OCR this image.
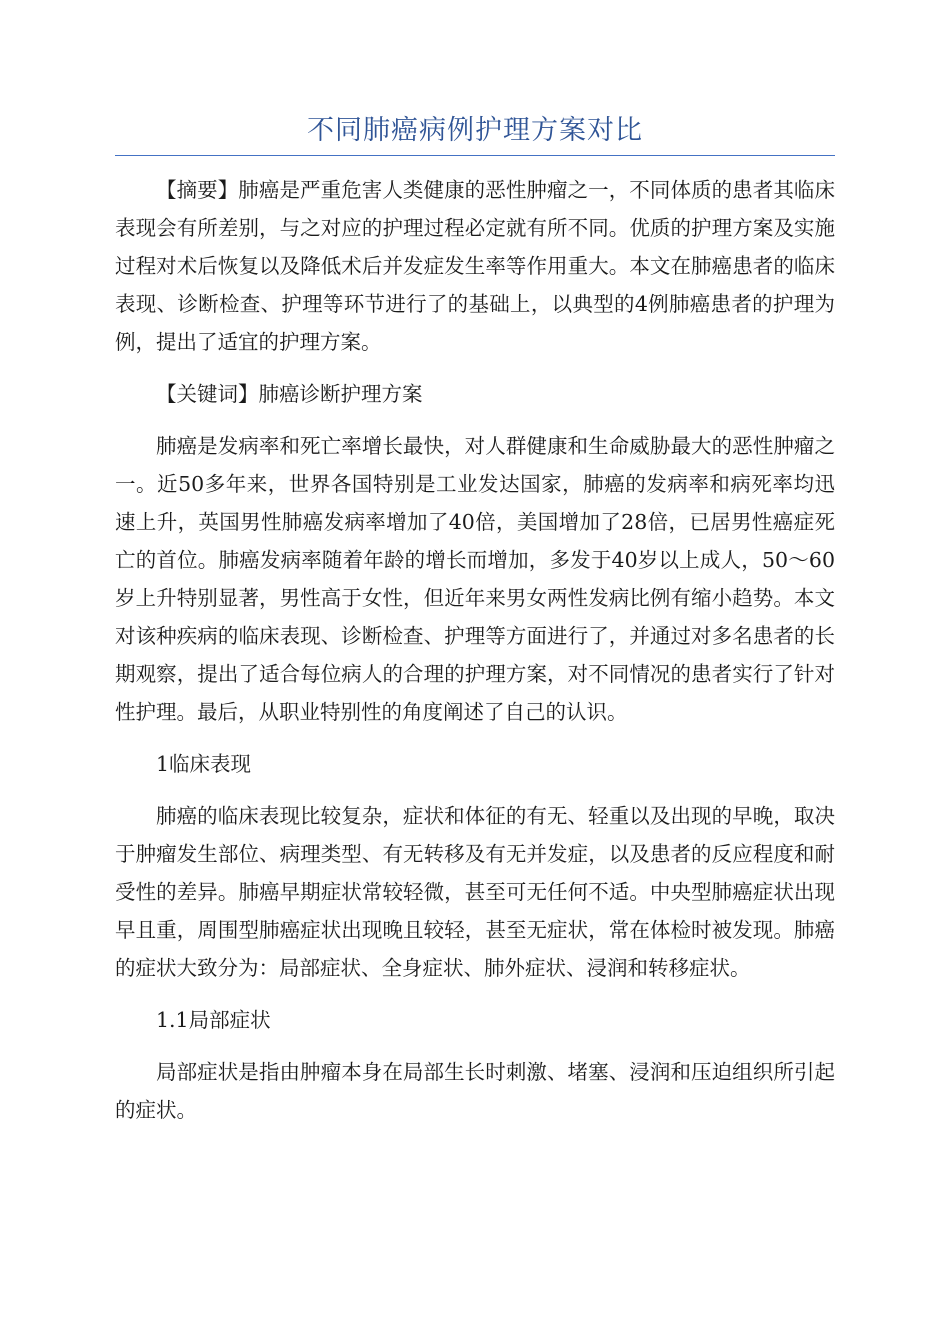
不同肺癌病例护理方案对比

【摘要】肺癌是严重危害人类健康的恶性肿瘤之一，不同体质的患者其临床表现会有所差别，与之对应的护理过程必定就有所不同。优质的护理方案及实施过程对术后恢复以及降低术后并发症发生率等作用重大。本文在肺癌患者的临床表现、诊断检查、护理等环节进行了的基础上，以典型的4例肺癌患者的护理为例，提出了适宜的护理方案。

【关键词】肺癌诊断护理方案

肺癌是发病率和死亡率增长最快，对人群健康和生命威胁最大的恶性肿瘤之一。近50多年来，世界各国特别是工业发达国家，肺癌的发病率和病死率均迅速上升，英国男性肺癌发病率增加了40倍，美国增加了28倍，已居男性癌症死亡的首位。肺癌发病率随着年龄的增长而增加，多发于40岁以上成人，50～60岁上升特别显著，男性高于女性，但近年来男女两性发病比例有缩小趋势。本文对该种疾病的临床表现、诊断检查、护理等方面进行了，并通过对多名患者的长期观察，提出了适合每位病人的合理的护理方案，对不同情况的患者实行了针对性护理。最后，从职业特别性的角度阐述了自己的认识。

1临床表现

肺癌的临床表现比较复杂，症状和体征的有无、轻重以及出现的早晚，取决于肿瘤发生部位、病理类型、有无转移及有无并发症，以及患者的反应程度和耐受性的差异。肺癌早期症状常较轻微，甚至可无任何不适。中央型肺癌症状出现早且重，周围型肺癌症状出现晚且较轻，甚至无症状，常在体检时被发现。肺癌的症状大致分为：局部症状、全身症状、肺外症状、浸润和转移症状。

1.1局部症状

局部症状是指由肿瘤本身在局部生长时刺激、堵塞、浸润和压迫组织所引起的症状。
